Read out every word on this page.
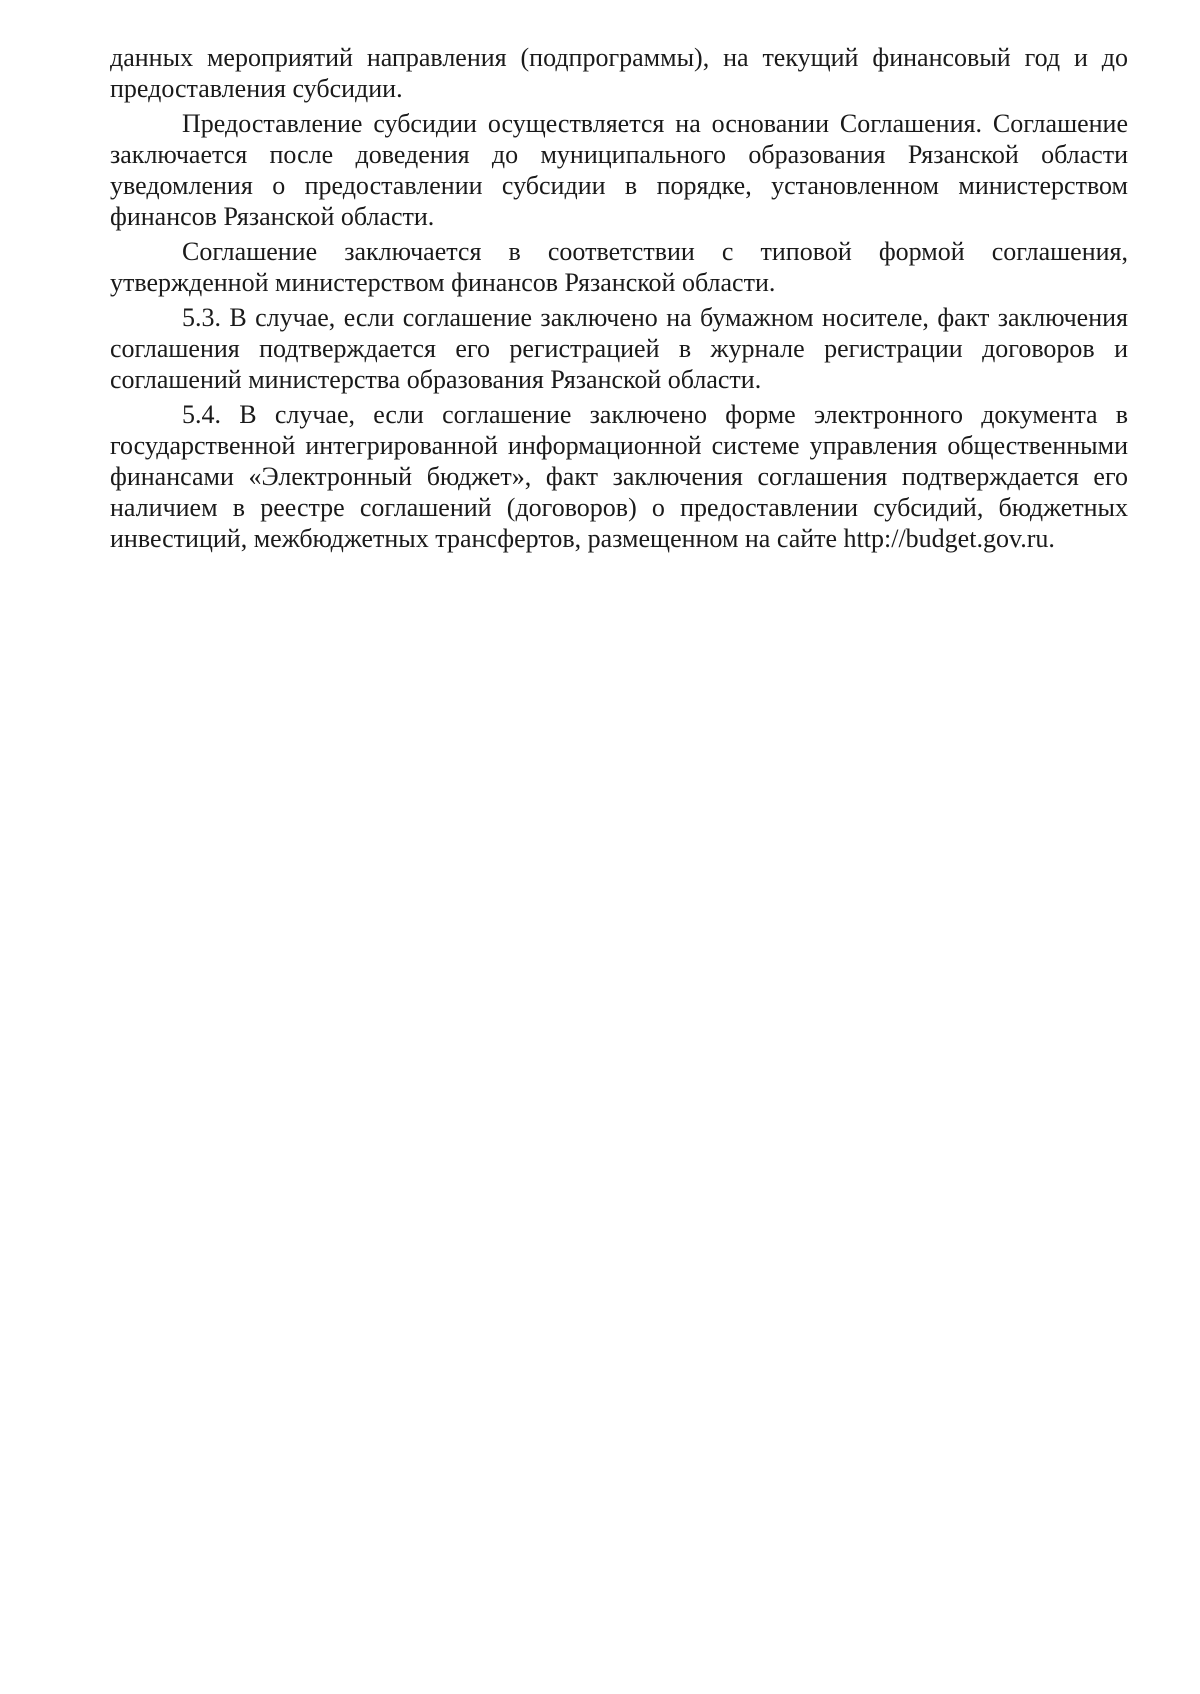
данных мероприятий направления (подпрограммы), на текущий финансовый год и до предоставления субсидии.

Предоставление субсидии осуществляется на основании Соглашения. Соглашение заключается после доведения до муниципального образования Рязанской области уведомления о предоставлении субсидии в порядке, установленном министерством финансов Рязанской области.

Соглашение заключается в соответствии с типовой формой соглашения, утвержденной министерством финансов Рязанской области.

5.3. В случае, если соглашение заключено на бумажном носителе, факт заключения соглашения подтверждается его регистрацией в журнале регистрации договоров и соглашений министерства образования Рязанской области.

5.4. В случае, если соглашение заключено форме электронного документа в государственной интегрированной информационной системе управления общественными финансами «Электронный бюджет», факт заключения соглашения подтверждается его наличием в реестре соглашений (договоров) о предоставлении субсидий, бюджетных инвестиций, межбюджетных трансфертов, размещенном на сайте http://budget.gov.ru.
